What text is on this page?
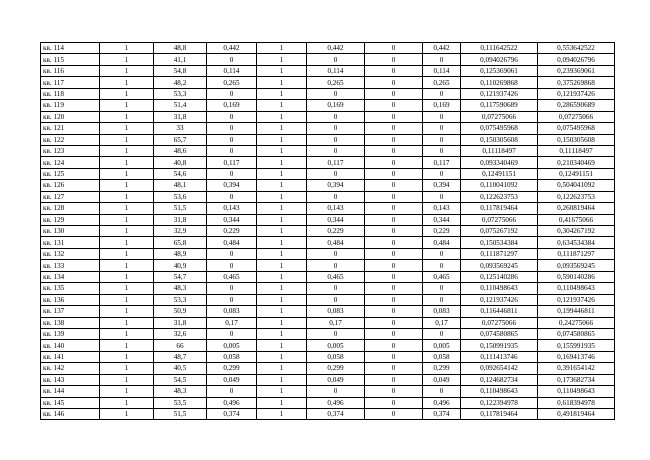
кв. 114	1	48,8	0,442	1	0,442	0	0,442	0,111642522	0,553642522
кв. 115	1	41,1	0	1	0	0	0	0,094026796	0,094026796
кв. 116	1	54,8	0,114	1	0,114	0	0,114	0,125369061	0,239369061
кв. 117	1	48,2	0,265	1	0,265	0	0,265	0,110269868	0,375269868
кв. 118	1	53,3	0	1	0	0	0	0,121937426	0,121937426
кв. 119	1	51,4	0,169	1	0,169	0	0,169	0,117590689	0,286590689
кв. 120	1	31,8	0	1	0	0	0	0,07275066	0,07275066
кв. 121	1	33	0	1	0	0	0	0,075495968	0,075495968
кв. 122	1	65,7	0	1	0	0	0	0,150305608	0,150305608
кв. 123	1	48,6	0	1	0	0	0	0,11118497	0,11118497
кв. 124	1	40,8	0,117	1	0,117	0	0,117	0,093340469	0,210340469
кв. 125	1	54,6	0	1	0	0	0	0,12491151	0,12491151
кв. 126	1	48,1	0,394	1	0,394	0	0,394	0,110041092	0,504041092
кв. 127	1	53,6	0	1	0	0	0	0,122623753	0,122623753
кв. 128	1	51,5	0,143	1	0,143	0	0,143	0,117819464	0,260819464
кв. 129	1	31,8	0,344	1	0,344	0	0,344	0,07275066	0,41675066
кв. 130	1	32,9	0,229	1	0,229	0	0,229	0,075267192	0,304267192
кв. 131	1	65,8	0,484	1	0,484	0	0,484	0,150534384	0,634534384
кв. 132	1	48,9	0	1	0	0	0	0,111871297	0,111871297
кв. 133	1	40,9	0	1	0	0	0	0,093569245	0,093569245
кв. 134	1	54,7	0,465	1	0,465	0	0,465	0,125140286	0,590140286
кв. 135	1	48,3	0	1	0	0	0	0,110498643	0,110498643
кв. 136	1	53,3	0	1	0	0	0	0,121937426	0,121937426
кв. 137	1	50,9	0,083	1	0,083	0	0,083	0,116446811	0,199446811
кв. 138	1	31,8	0,17	1	0,17	0	0,17	0,07275066	0,24275066
кв. 139	1	32,6	0	1	0	0	0	0,074580865	0,074580865
кв. 140	1	66	0,005	1	0,005	0	0,005	0,150991935	0,155991935
кв. 141	1	48,7	0,058	1	0,058	0	0,058	0,111413746	0,169413746
кв. 142	1	40,5	0,299	1	0,299	0	0,299	0,092654142	0,391654142
кв. 143	1	54,5	0,049	1	0,049	0	0,049	0,124682734	0,173682734
кв. 144	1	48,3	0	1	0	0	0	0,110498643	0,110498643
кв. 145	1	53,5	0,496	1	0,496	0	0,496	0,122394978	0,618394978
кв. 146	1	51,5	0,374	1	0,374	0	0,374	0,117819464	0,491819464
